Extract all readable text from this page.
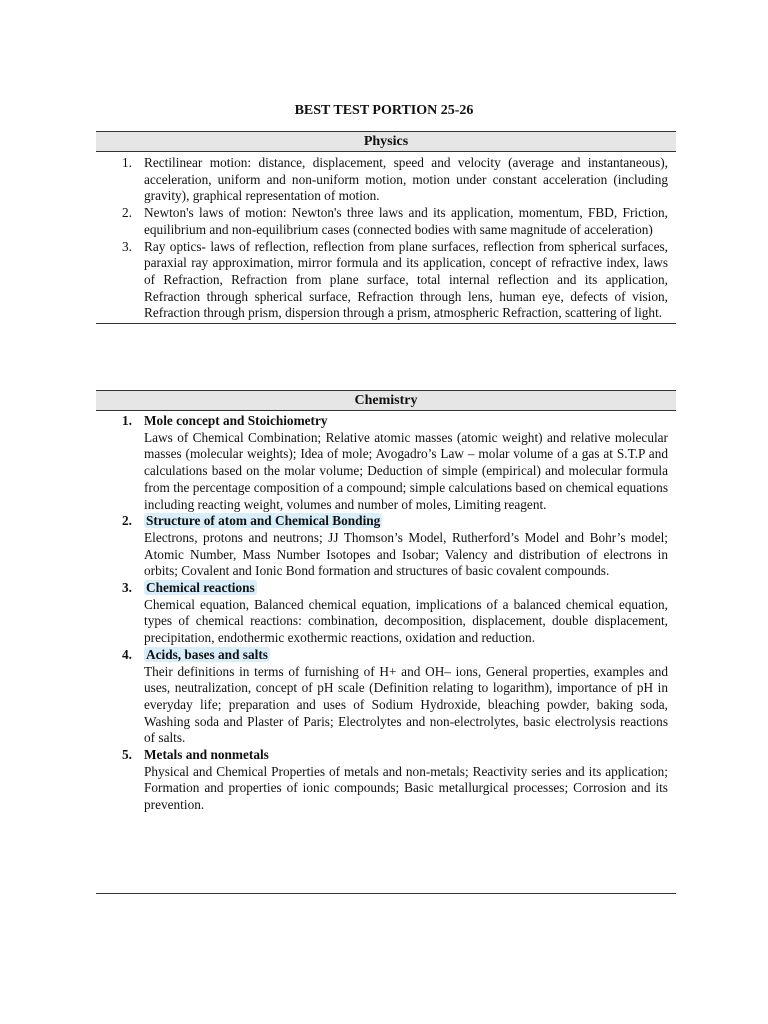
BEST TEST PORTION 25-26
Physics
1. Rectilinear motion: distance, displacement, speed and velocity (average and instantaneous), acceleration, uniform and non-uniform motion, motion under constant acceleration (including gravity), graphical representation of motion.
2. Newton's laws of motion: Newton's three laws and its application, momentum, FBD, Friction, equilibrium and non-equilibrium cases (connected bodies with same magnitude of acceleration)
3. Ray optics- laws of reflection, reflection from plane surfaces, reflection from spherical surfaces, paraxial ray approximation, mirror formula and its application, concept of refractive index, laws of Refraction, Refraction from plane surface, total internal reflection and its application, Refraction through spherical surface, Refraction through lens, human eye, defects of vision, Refraction through prism, dispersion through a prism, atmospheric Refraction, scattering of light.
Chemistry
1. Mole concept and Stoichiometry
Laws of Chemical Combination; Relative atomic masses (atomic weight) and relative molecular masses (molecular weights); Idea of mole; Avogadro’s Law – molar volume of a gas at S.T.P and calculations based on the molar volume; Deduction of simple (empirical) and molecular formula from the percentage composition of a compound; simple calculations based on chemical equations including reacting weight, volumes and number of moles, Limiting reagent.
2. Structure of atom and Chemical Bonding
Electrons, protons and neutrons; JJ Thomson’s Model, Rutherford’s Model and Bohr’s model; Atomic Number, Mass Number Isotopes and Isobar; Valency and distribution of electrons in orbits; Covalent and Ionic Bond formation and structures of basic covalent compounds.
3. Chemical reactions
Chemical equation, Balanced chemical equation, implications of a balanced chemical equation, types of chemical reactions: combination, decomposition, displacement, double displacement, precipitation, endothermic exothermic reactions, oxidation and reduction.
4. Acids, bases and salts
Their definitions in terms of furnishing of H+ and OH– ions, General properties, examples and uses, neutralization, concept of pH scale (Definition relating to logarithm), importance of pH in everyday life; preparation and uses of Sodium Hydroxide, bleaching powder, baking soda, Washing soda and Plaster of Paris; Electrolytes and non-electrolytes, basic electrolysis reactions of salts.
5. Metals and nonmetals
Physical and Chemical Properties of metals and non-metals; Reactivity series and its application; Formation and properties of ionic compounds; Basic metallurgical processes; Corrosion and its prevention.
